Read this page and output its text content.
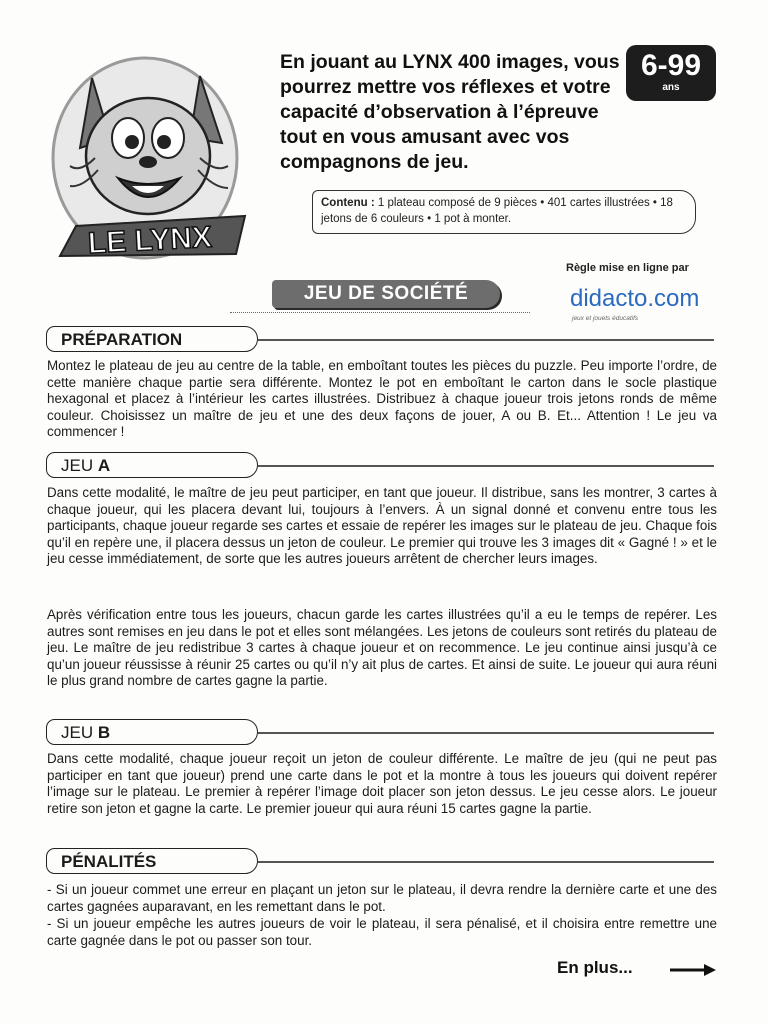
LE LYNX
En jouant au LYNX 400 images, vous pourrez mettre vos réflexes et votre capacité d’observation à l’épreuve tout en vous amusant avec vos compagnons de jeu.
6-99
ans
Contenu : 1 plateau composé de 9 pièces • 401 cartes illustrées • 18 jetons de 6 couleurs • 1 pot à monter.
Règle mise en ligne par
didacto.com
jeux et jouets éducatifs
JEU DE SOCIÉTÉ
PRÉPARATION
Montez le plateau de jeu au centre de la table, en emboîtant toutes les pièces du puzzle. Peu importe l’ordre, de cette manière chaque partie sera différente. Montez le pot en emboîtant le carton dans le socle plastique hexagonal et placez à l’intérieur les cartes illustrées. Distribuez à chaque joueur trois jetons ronds de même couleur. Choisissez un maître de jeu et une des deux façons de jouer, A ou B. Et... Attention ! Le jeu va commencer !
JEU A
Dans cette modalité, le maître de jeu peut participer, en tant que joueur. Il distribue, sans les montrer, 3 cartes à chaque joueur, qui les placera devant lui, toujours à l’envers. À un signal donné et convenu entre tous les participants, chaque joueur regarde ses cartes et essaie de repérer les images sur le plateau de jeu. Chaque fois qu’il en repère une, il placera dessus un jeton de couleur. Le premier qui trouve les 3 images dit « Gagné ! » et le jeu cesse immédiatement, de sorte que les autres joueurs arrêtent de chercher leurs images.
Après vérification entre tous les joueurs, chacun garde les cartes illustrées qu’il a eu le temps de repérer. Les autres sont remises en jeu dans le pot et elles sont mélangées. Les jetons de couleurs sont retirés du plateau de jeu. Le maître de jeu redistribue 3 cartes à chaque joueur et on recommence. Le jeu continue ainsi jusqu’à ce qu’un joueur réussisse à réunir 25 cartes ou qu’il n’y ait plus de cartes. Et ainsi de suite. Le joueur qui aura réuni le plus grand nombre de cartes gagne la partie.
JEU B
Dans cette modalité, chaque joueur reçoit un jeton de couleur différente. Le maître de jeu (qui ne peut pas participer en tant que joueur) prend une carte dans le pot et la montre à tous les joueurs qui doivent repérer l’image sur le plateau. Le premier à repérer l’image doit placer son jeton dessus. Le jeu cesse alors. Le joueur retire son jeton et gagne la carte. Le premier joueur qui aura réuni 15 cartes gagne la partie.
PÉNALITÉS
- Si un joueur commet une erreur en plaçant un jeton sur le plateau, il devra rendre la dernière carte et une des cartes gagnées auparavant, en les remettant dans le pot.
- Si un joueur empêche les autres joueurs de voir le plateau, il sera pénalisé, et il choisira entre remettre une carte gagnée dans le pot ou passer son tour.
En plus...
